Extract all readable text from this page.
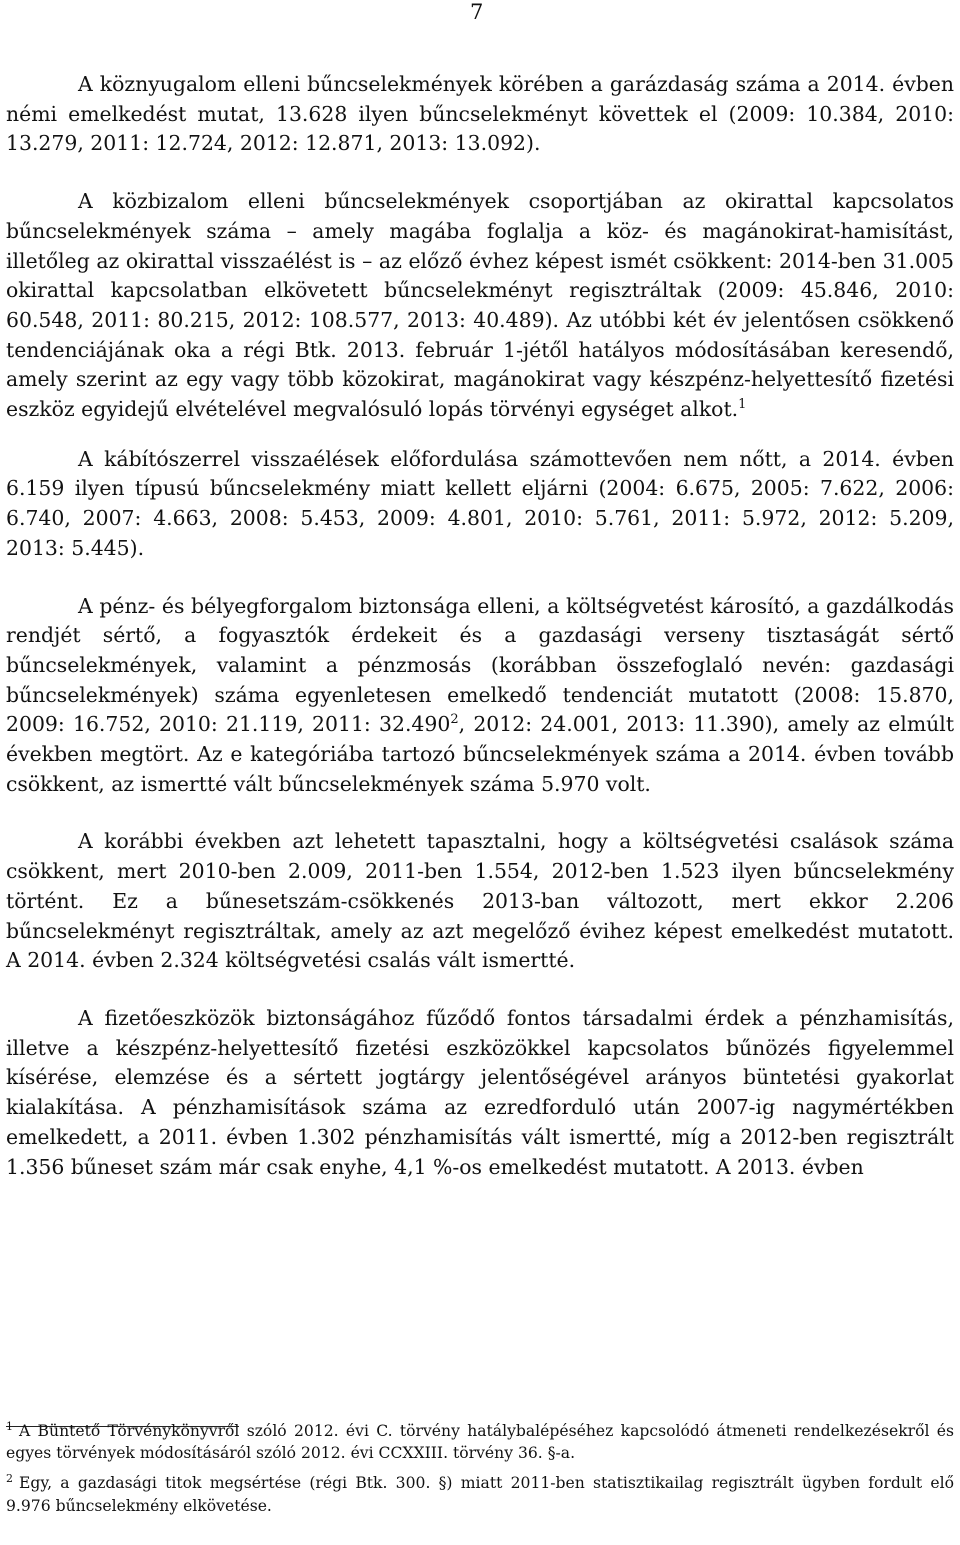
7

A köznyugalom elleni bűncselekmények körében a garázdaság száma a 2014. évben némi emelkedést mutat, 13.628 ilyen bűncselekményt követtek el (2009: 10.384, 2010: 13.279, 2011: 12.724, 2012: 12.871, 2013: 13.092).

A közbizalom elleni bűncselekmények csoportjában az okirattal kapcsolatos bűncselekmények száma – amely magába foglalja a köz- és magánokirat-hamisítást, illetőleg az okirattal visszaélést is – az előző évhez képest ismét csökkent: 2014-ben 31.005 okirattal kapcsolatban elkövetett bűncselekményt regisztráltak (2009: 45.846, 2010: 60.548, 2011: 80.215, 2012: 108.577, 2013: 40.489). Az utóbbi két év jelentősen csökkenő tendenciájának oka a régi Btk. 2013. február 1-jétől hatályos módosításában keresendő, amely szerint az egy vagy több közokirat, magánokirat vagy készpénz-helyettesítő fizetési eszköz egyidejű elvételével megvalósuló lopás törvényi egységet alkot.$^1$

A kábítószerrel visszaélések előfordulása számottevően nem nőtt, a 2014. évben 6.159 ilyen típusú bűncselekmény miatt kellett eljárni (2004: 6.675, 2005: 7.622, 2006: 6.740, 2007: 4.663, 2008: 5.453, 2009: 4.801, 2010: 5.761, 2011: 5.972, 2012: 5.209, 2013: 5.445).

A pénz- és bélyegforgalom biztonsága elleni, a költségvetést károsító, a gazdálkodás rendjét sértő, a fogyasztók érdekeit és a gazdasági verseny tisztaságát sértő bűncselekmények, valamint a pénzmosás (korábban összefoglaló nevén: gazdasági bűncselekmények) száma egyenletesen emelkedő tendenciát mutatott (2008: 15.870, 2009: 16.752, 2010: 21.119, 2011: 32.490$^2$, 2012: 24.001, 2013: 11.390), amely az elmúlt években megtört. Az e kategóriába tartozó bűncselekmények száma a 2014. évben tovább csökkent, az ismertté vált bűncselekmények száma 5.970 volt.

A korábbi években azt lehetett tapasztalni, hogy a költségvetési csalások száma csökkent, mert 2010-ben 2.009, 2011-ben 1.554, 2012-ben 1.523 ilyen bűncselekmény történt. Ez a bűnesetszám-csökkenés 2013-ban változott, mert ekkor 2.206 bűncselekményt regisztráltak, amely az azt megelőző évihez képest emelkedést mutatott. A 2014. évben 2.324 költségvetési csalás vált ismertté.

A fizetőeszközök biztonságához fűződő fontos társadalmi érdek a pénzhamisítás, illetve a készpénz-helyettesítő fizetési eszközökkel kapcsolatos bűnözés figyelemmel kísérése, elemzése és a sértett jogtárgy jelentőségével arányos büntetési gyakorlat kialakítása. A pénzhamisítások száma az ezredforduló után 2007-ig nagymértékben emelkedett, a 2011. évben 1.302 pénzhamisítás vált ismertté, míg a 2012-ben regisztrált 1.356 bűneset szám már csak enyhe, 4,1 %-os emelkedést mutatott. A 2013. évben

$^1$ A Büntető Törvénykönyvről szóló 2012. évi C. törvény hatálybalépéséhez kapcsolódó átmeneti rendelkezésekről és egyes törvények módosításáról szóló 2012. évi CCXXIII. törvény 36. §-a.

$^2$ Egy, a gazdasági titok megsértése (régi Btk. 300. §) miatt 2011-ben statisztikailag regisztrált ügyben fordult elő 9.976 bűncselekmény elkövetése.
